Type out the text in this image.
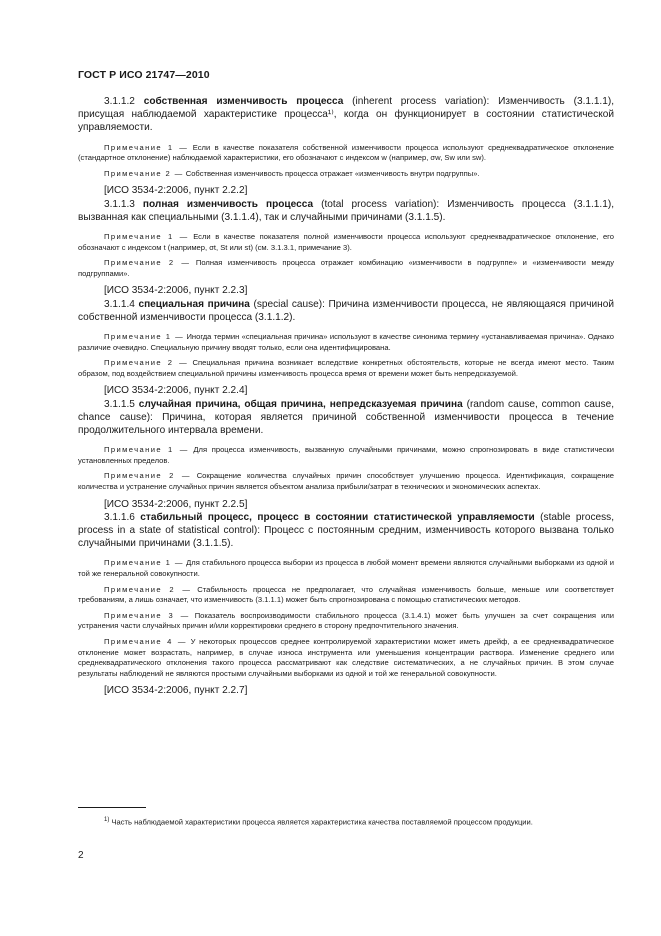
ГОСТ Р ИСО 21747—2010

3.1.1.2 собственная изменчивость процесса (inherent process variation): Изменчивость (3.1.1.1), присущая наблюдаемой характеристике процесса¹⁾, когда он функционирует в состоянии статистической управляемости.

Примечание 1 — Если в качестве показателя собственной изменчивости процесса используют среднеквадратическое отклонение (стандартное отклонение) наблюдаемой характеристики, его обозначают с индексом w (например, σw, Sw или sw).

Примечание 2 — Собственная изменчивость процесса отражает «изменчивость внутри подгруппы».

[ИСО 3534-2:2006, пункт 2.2.2]

3.1.1.3 полная изменчивость процесса (total process variation): Изменчивость процесса (3.1.1.1), вызванная как специальными (3.1.1.4), так и случайными причинами (3.1.1.5).

Примечание 1 — Если в качестве показателя полной изменчивости процесса используют среднеквадратическое отклонение, его обозначают с индексом t (например, σt, St или st) (см. 3.1.3.1, примечание 3).

Примечание 2 — Полная изменчивость процесса отражает комбинацию «изменчивости в подгруппе» и «изменчивости между подгруппами».

[ИСО 3534-2:2006, пункт 2.2.3]

3.1.1.4 специальная причина (special cause): Причина изменчивости процесса, не являющаяся причиной собственной изменчивости процесса (3.1.1.2).

Примечание 1 — Иногда термин «специальная причина» используют в качестве синонима термину «устанавливаемая причина». Однако различие очевидно. Специальную причину вводят только, если она идентифицирована.

Примечание 2 — Специальная причина возникает вследствие конкретных обстоятельств, которые не всегда имеют место. Таким образом, под воздействием специальной причины изменчивость процесса время от времени может быть непредсказуемой.

[ИСО 3534-2:2006, пункт 2.2.4]

3.1.1.5 случайная причина, общая причина, непредсказуемая причина (random cause, common cause, chance cause): Причина, которая является причиной собственной изменчивости процесса в течение продолжительного интервала времени.

Примечание 1 — Для процесса изменчивость, вызванную случайными причинами, можно спрогнозировать в виде статистически установленных пределов.

Примечание 2 — Сокращение количества случайных причин способствует улучшению процесса. Идентификация, сокращение количества и устранение случайных причин является объектом анализа прибыли/затрат в технических и экономических аспектах.

[ИСО 3534-2:2006, пункт 2.2.5]

3.1.1.6 стабильный процесс, процесс в состоянии статистической управляемости (stable process, process in a state of statistical control): Процесс с постоянным средним, изменчивость которого вызвана только случайными причинами (3.1.1.5).

Примечание 1 — Для стабильного процесса выборки из процесса в любой момент времени являются случайными выборками из одной и той же генеральной совокупности.

Примечание 2 — Стабильность процесса не предполагает, что случайная изменчивость больше, меньше или соответствует требованиям, а лишь означает, что изменчивость (3.1.1.1) может быть спрогнозирована с помощью статистических методов.

Примечание 3 — Показатель воспроизводимости стабильного процесса (3.1.4.1) может быть улучшен за счет сокращения или устранения части случайных причин и/или корректировки среднего в сторону предпочтительного значения.

Примечание 4 — У некоторых процессов среднее контролируемой характеристики может иметь дрейф, а ее среднеквадратическое отклонение может возрастать, например, в случае износа инструмента или уменьшения концентрации раствора. Изменение среднего или среднеквадратического отклонения такого процесса рассматривают как следствие систематических, а не случайных причин. В этом случае результаты наблюдений не являются простыми случайными выборками из одной и той же генеральной совокупности.

[ИСО 3534-2:2006, пункт 2.2.7]

$^{1)}$ Часть наблюдаемой характеристики процесса является характеристика качества поставляемой процессом продукции.
2
